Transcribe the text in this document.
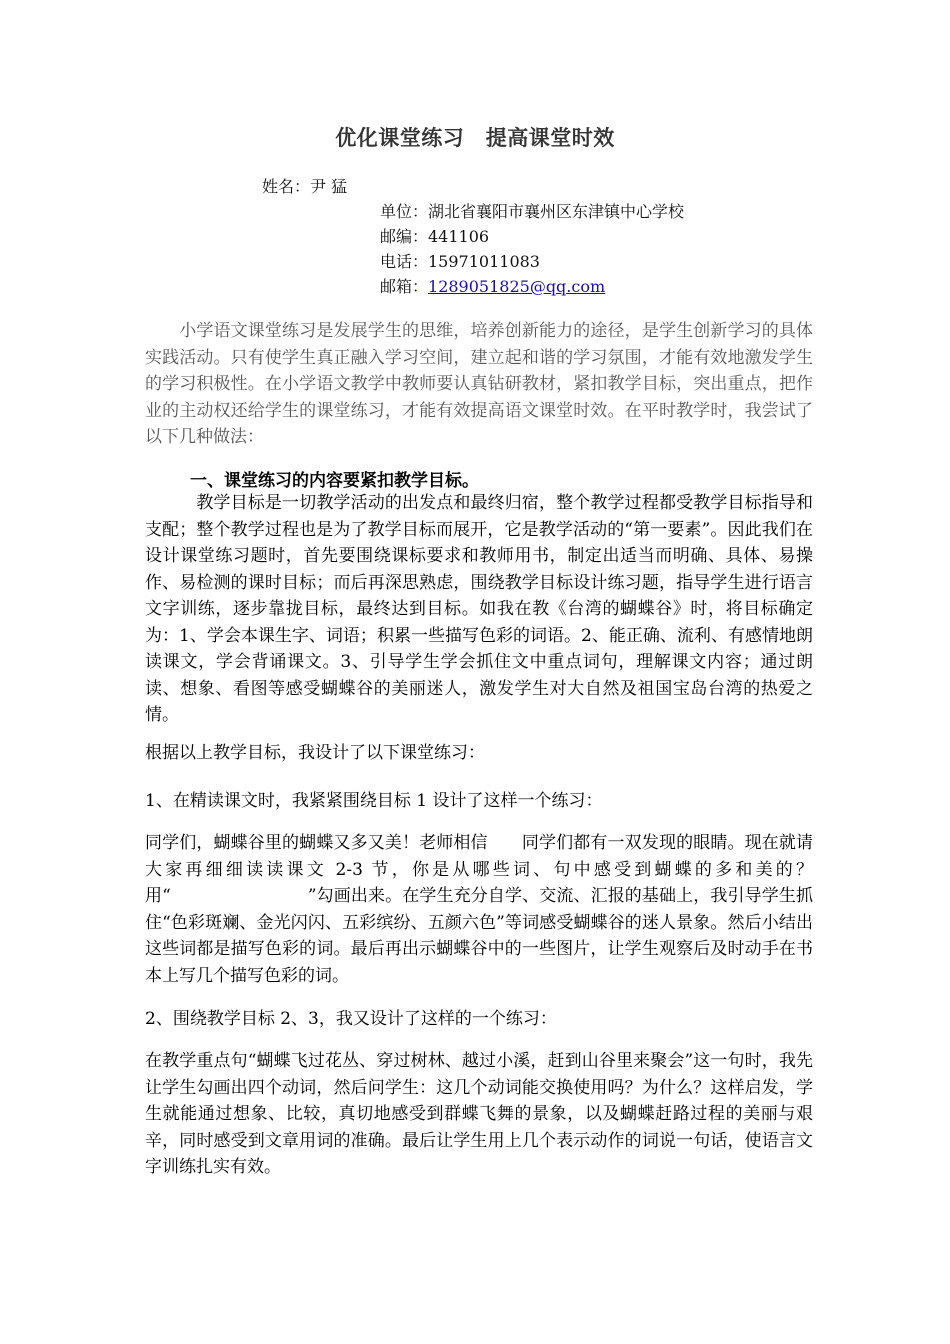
优化课堂练习　提高课堂时效
姓名：尹 猛
单位：湖北省襄阳市襄州区东津镇中心学校
邮编：441106
电话：15971011083
邮箱：1289051825@qq.com
　　小学语文课堂练习是发展学生的思维，培养创新能力的途径，是学生创新学习的具体实践活动。只有使学生真正融入学习空间，建立起和谐的学习氛围，才能有效地激发学生的学习积极性。在小学语文教学中教师要认真钻研教材，紧扣教学目标，突出重点，把作业的主动权还给学生的课堂练习，才能有效提高语文课堂时效。在平时教学时，我尝试了以下几种做法：
一、课堂练习的内容要紧扣教学目标。
　　　教学目标是一切教学活动的出发点和最终归宿，整个教学过程都受教学目标指导和支配；整个教学过程也是为了教学目标而展开，它是教学活动的“第一要素”。因此我们在设计课堂练习题时，首先要围绕课标要求和教师用书，制定出适当而明确、具体、易操作、易检测的课时目标；而后再深思熟虑，围绕教学目标设计练习题，指导学生进行语言文字训练，逐步靠拢目标，最终达到目标。如我在教《台湾的蝴蝶谷》时，将目标确定为：1、学会本课生字、词语；积累一些描写色彩的词语。2、能正确、流利、有感情地朗读课文，学会背诵课文。3、引导学生学会抓住文中重点词句，理解课文内容；通过朗读、想象、看图等感受蝴蝶谷的美丽迷人，激发学生对大自然及祖国宝岛台湾的热爱之情。
根据以上教学目标，我设计了以下课堂练习：
1、在精读课文时，我紧紧围绕目标 1 设计了这样一个练习：
同学们，蝴蝶谷里的蝴蝶又多又美！老师相信　　同学们都有一双发现的眼睛。现在就请大家再细细读读课文 2-3 节，你是从哪些词、句中感受到蝴蝶的多和美的？用“　　　　　　　　”勾画出来。在学生充分自学、交流、汇报的基础上，我引导学生抓住“色彩斑斓、金光闪闪、五彩缤纷、五颜六色”等词感受蝴蝶谷的迷人景象。然后小结出这些词都是描写色彩的词。最后再出示蝴蝶谷中的一些图片，让学生观察后及时动手在书本上写几个描写色彩的词。
2、围绕教学目标 2、3，我又设计了这样的一个练习：
在教学重点句“蝴蝶飞过花丛、穿过树林、越过小溪，赶到山谷里来聚会”这一句时，我先让学生勾画出四个动词，然后问学生：这几个动词能交换使用吗？为什么？这样启发，学生就能通过想象、比较，真切地感受到群蝶飞舞的景象，以及蝴蝶赶路过程的美丽与艰辛，同时感受到文章用词的准确。最后让学生用上几个表示动作的词说一句话，使语言文字训练扎实有效。
